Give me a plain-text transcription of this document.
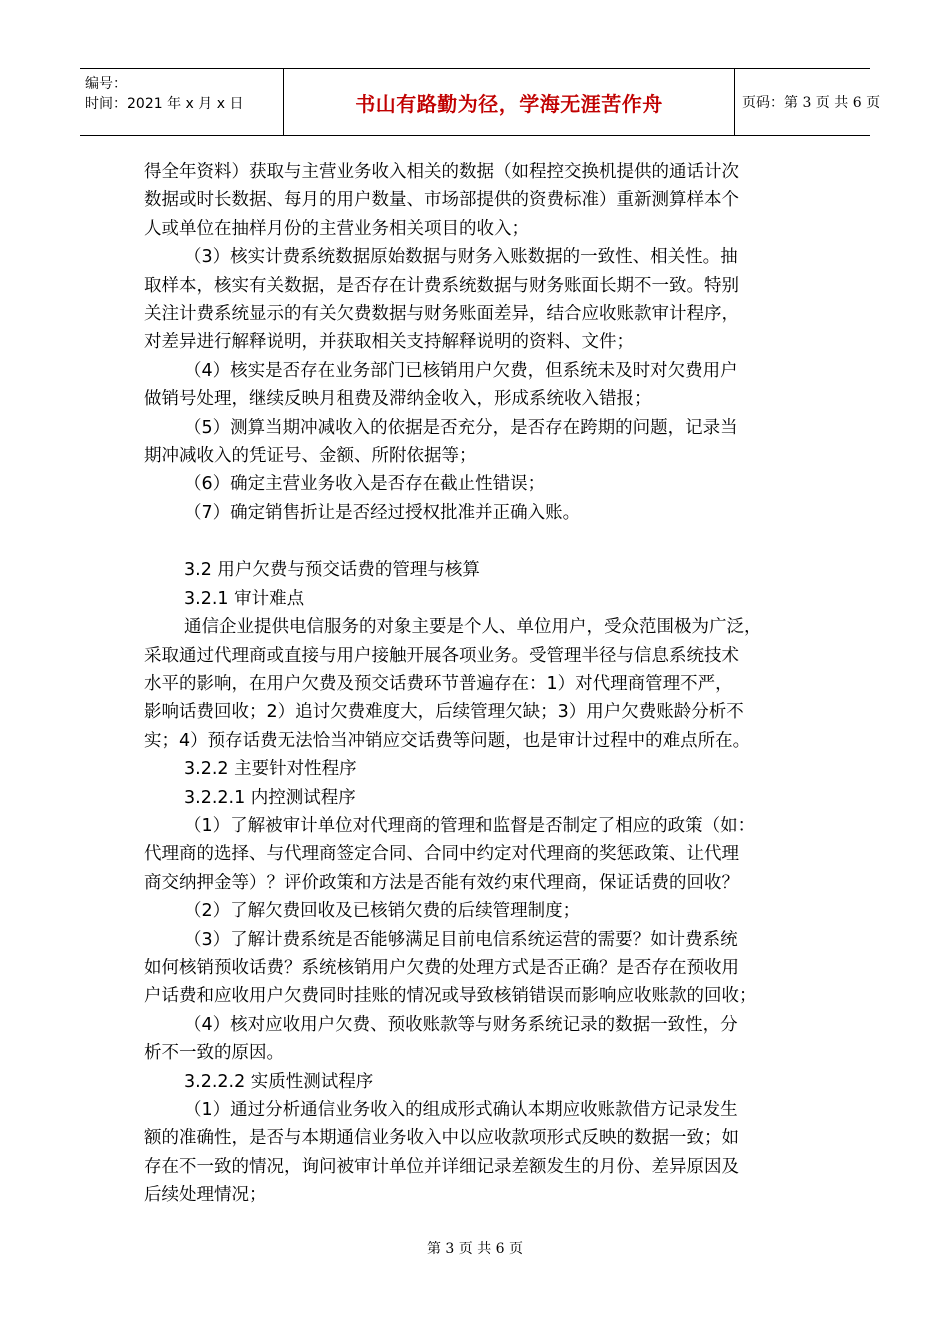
编号：
时间：2021 年 x 月 x 日	书山有路勤为径，学海无涯苦作舟	页码：第 3 页 共 6 页

得全年资料）获取与主营业务收入相关的数据（如程控交换机提供的通话计次

数据或时长数据、每月的用户数量、市场部提供的资费标准）重新测算样本个

人或单位在抽样月份的主营业务相关项目的收入；

（3）核实计费系统数据原始数据与财务入账数据的一致性、相关性。抽

取样本，核实有关数据，是否存在计费系统数据与财务账面长期不一致。特别

关注计费系统显示的有关欠费数据与财务账面差异，结合应收账款审计程序，

对差异进行解释说明，并获取相关支持解释说明的资料、文件；

（4）核实是否存在业务部门已核销用户欠费，但系统未及时对欠费用户

做销号处理，继续反映月租费及滞纳金收入，形成系统收入错报；

（5）测算当期冲减收入的依据是否充分，是否存在跨期的问题，记录当

期冲减收入的凭证号、金额、所附依据等；

（6）确定主营业务收入是否存在截止性错误；

（7）确定销售折让是否经过授权批准并正确入账。

3.2 用户欠费与预交话费的管理与核算

3.2.1 审计难点

通信企业提供电信服务的对象主要是个人、单位用户，受众范围极为广泛，

采取通过代理商或直接与用户接触开展各项业务。受管理半径与信息系统技术

水平的影响，在用户欠费及预交话费环节普遍存在：1）对代理商管理不严，

影响话费回收；2）追讨欠费难度大，后续管理欠缺；3）用户欠费账龄分析不

实；4）预存话费无法恰当冲销应交话费等问题，也是审计过程中的难点所在。

3.2.2 主要针对性程序

3.2.2.1 内控测试程序

（1）了解被审计单位对代理商的管理和监督是否制定了相应的政策（如：

代理商的选择、与代理商签定合同、合同中约定对代理商的奖惩政策、让代理

商交纳押金等）？评价政策和方法是否能有效约束代理商，保证话费的回收？

（2）了解欠费回收及已核销欠费的后续管理制度；

（3）了解计费系统是否能够满足目前电信系统运营的需要？如计费系统

如何核销预收话费？系统核销用户欠费的处理方式是否正确？是否存在预收用

户话费和应收用户欠费同时挂账的情况或导致核销错误而影响应收账款的回收；

（4）核对应收用户欠费、预收账款等与财务系统记录的数据一致性，分

析不一致的原因。

3.2.2.2 实质性测试程序

（1）通过分析通信业务收入的组成形式确认本期应收账款借方记录发生

额的准确性，是否与本期通信业务收入中以应收款项形式反映的数据一致；如

存在不一致的情况，询问被审计单位并详细记录差额发生的月份、差异原因及

后续处理情况；

第 3 页 共 6 页
